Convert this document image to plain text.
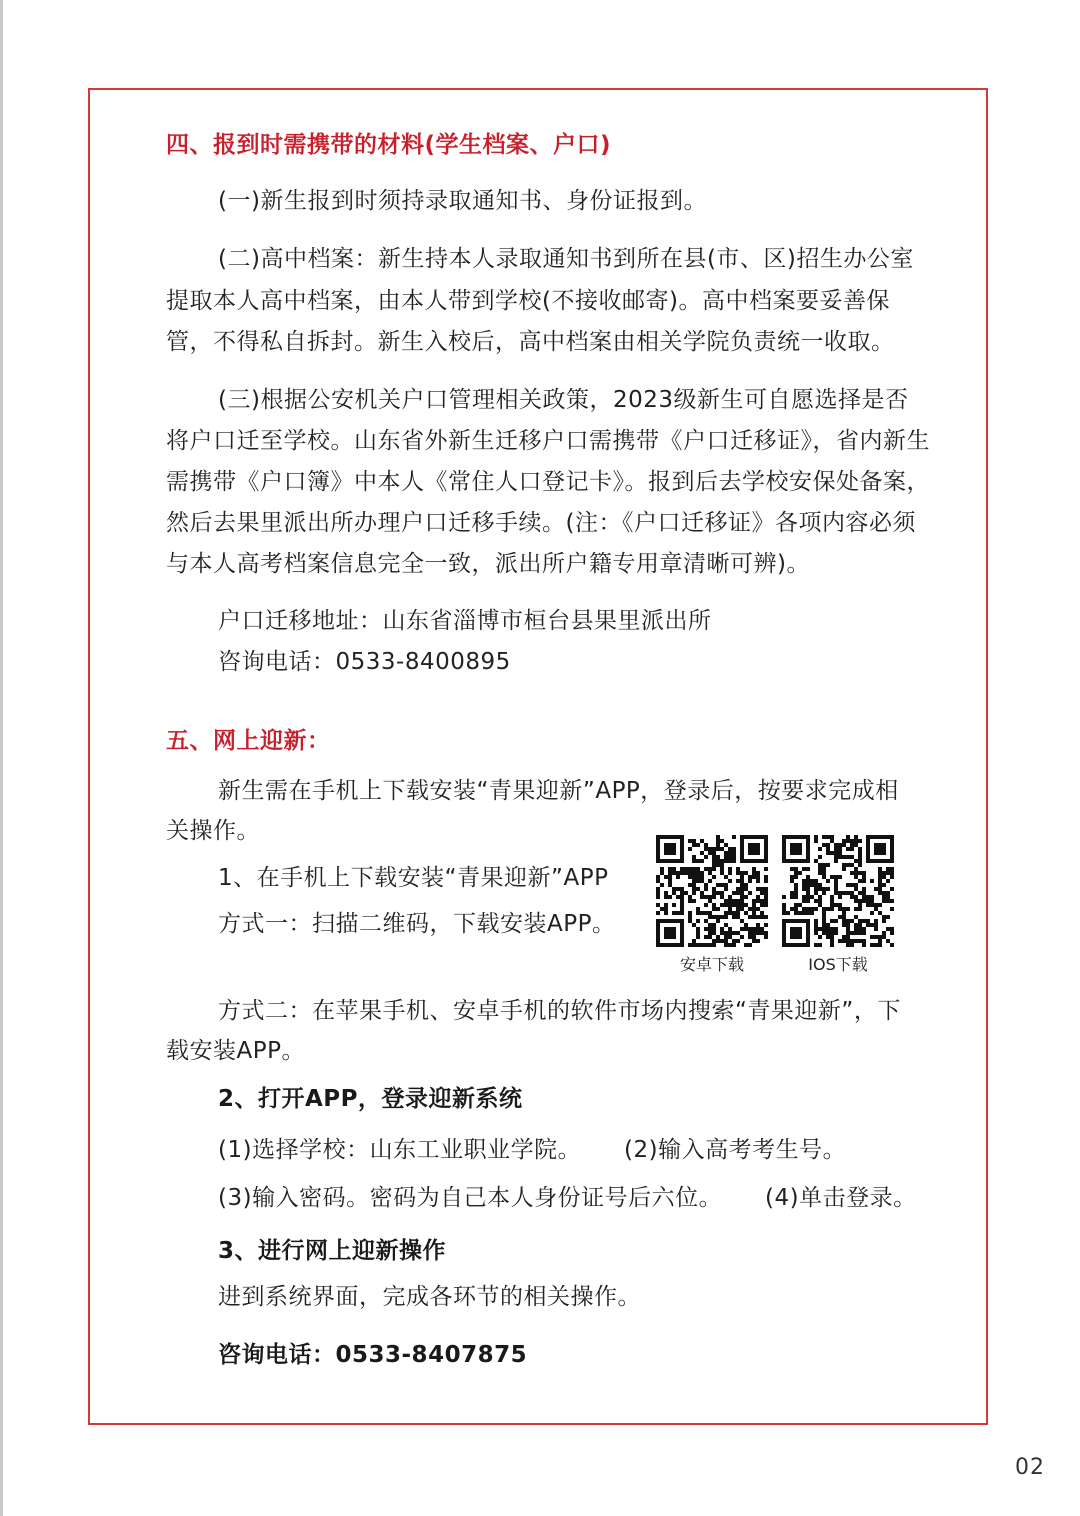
四、报到时需携带的材料(学生档案、户口)
(一)新生报到时须持录取通知书、身份证报到。
(二)高中档案：新生持本人录取通知书到所在县(市、区)招生办公室
提取本人高中档案，由本人带到学校(不接收邮寄)。高中档案要妥善保
管，不得私自拆封。新生入校后，高中档案由相关学院负责统一收取。
(三)根据公安机关户口管理相关政策，2023级新生可自愿选择是否
将户口迁至学校。山东省外新生迁移户口需携带《户口迁移证》，省内新生
需携带《户口簿》中本人《常住人口登记卡》。报到后去学校安保处备案，
然后去果里派出所办理户口迁移手续。(注：《户口迁移证》各项内容必须
与本人高考档案信息完全一致，派出所户籍专用章清晰可辨)。
户口迁移地址：山东省淄博市桓台县果里派出所
咨询电话：0533-8400895
五、网上迎新：
新生需在手机上下载安装“青果迎新”APP，登录后，按要求完成相
关操作。
1、在手机上下载安装“青果迎新”APP
方式一：扫描二维码，下载安装APP。
安卓下载	IOS下载
方式二：在苹果手机、安卓手机的软件市场内搜索“青果迎新”，下
载安装APP。
2、打开APP，登录迎新系统
(1)选择学校：山东工业职业学院。 (2)输入高考考生号。
(3)输入密码。密码为自己本人身份证号后六位。 (4)单击登录。
3、进行网上迎新操作
进到系统界面，完成各环节的相关操作。
咨询电话：0533-8407875
02
